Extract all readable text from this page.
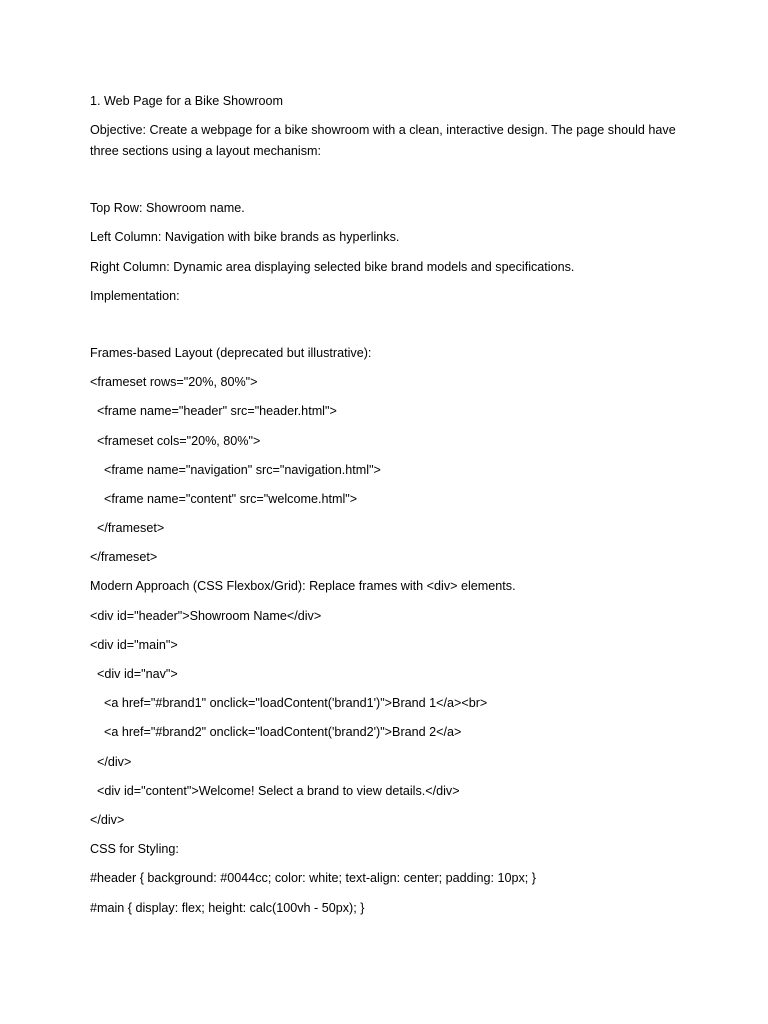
1. Web Page for a Bike Showroom
Objective: Create a webpage for a bike showroom with a clean, interactive design. The page should have three sections using a layout mechanism:
Top Row: Showroom name.
Left Column: Navigation with bike brands as hyperlinks.
Right Column: Dynamic area displaying selected bike brand models and specifications.
Implementation:
Frames-based Layout (deprecated but illustrative):
<frameset rows="20%, 80%">
<frame name="header" src="header.html">
<frameset cols="20%, 80%">
<frame name="navigation" src="navigation.html">
<frame name="content" src="welcome.html">
</frameset>
</frameset>
Modern Approach (CSS Flexbox/Grid): Replace frames with <div> elements.
<div id="header">Showroom Name</div>
<div id="main">
<div id="nav">
<a href="#brand1" onclick="loadContent('brand1')">Brand 1</a><br>
<a href="#brand2" onclick="loadContent('brand2')">Brand 2</a>
</div>
<div id="content">Welcome! Select a brand to view details.</div>
</div>
CSS for Styling:
#header { background: #0044cc; color: white; text-align: center; padding: 10px; }
#main { display: flex; height: calc(100vh - 50px); }
